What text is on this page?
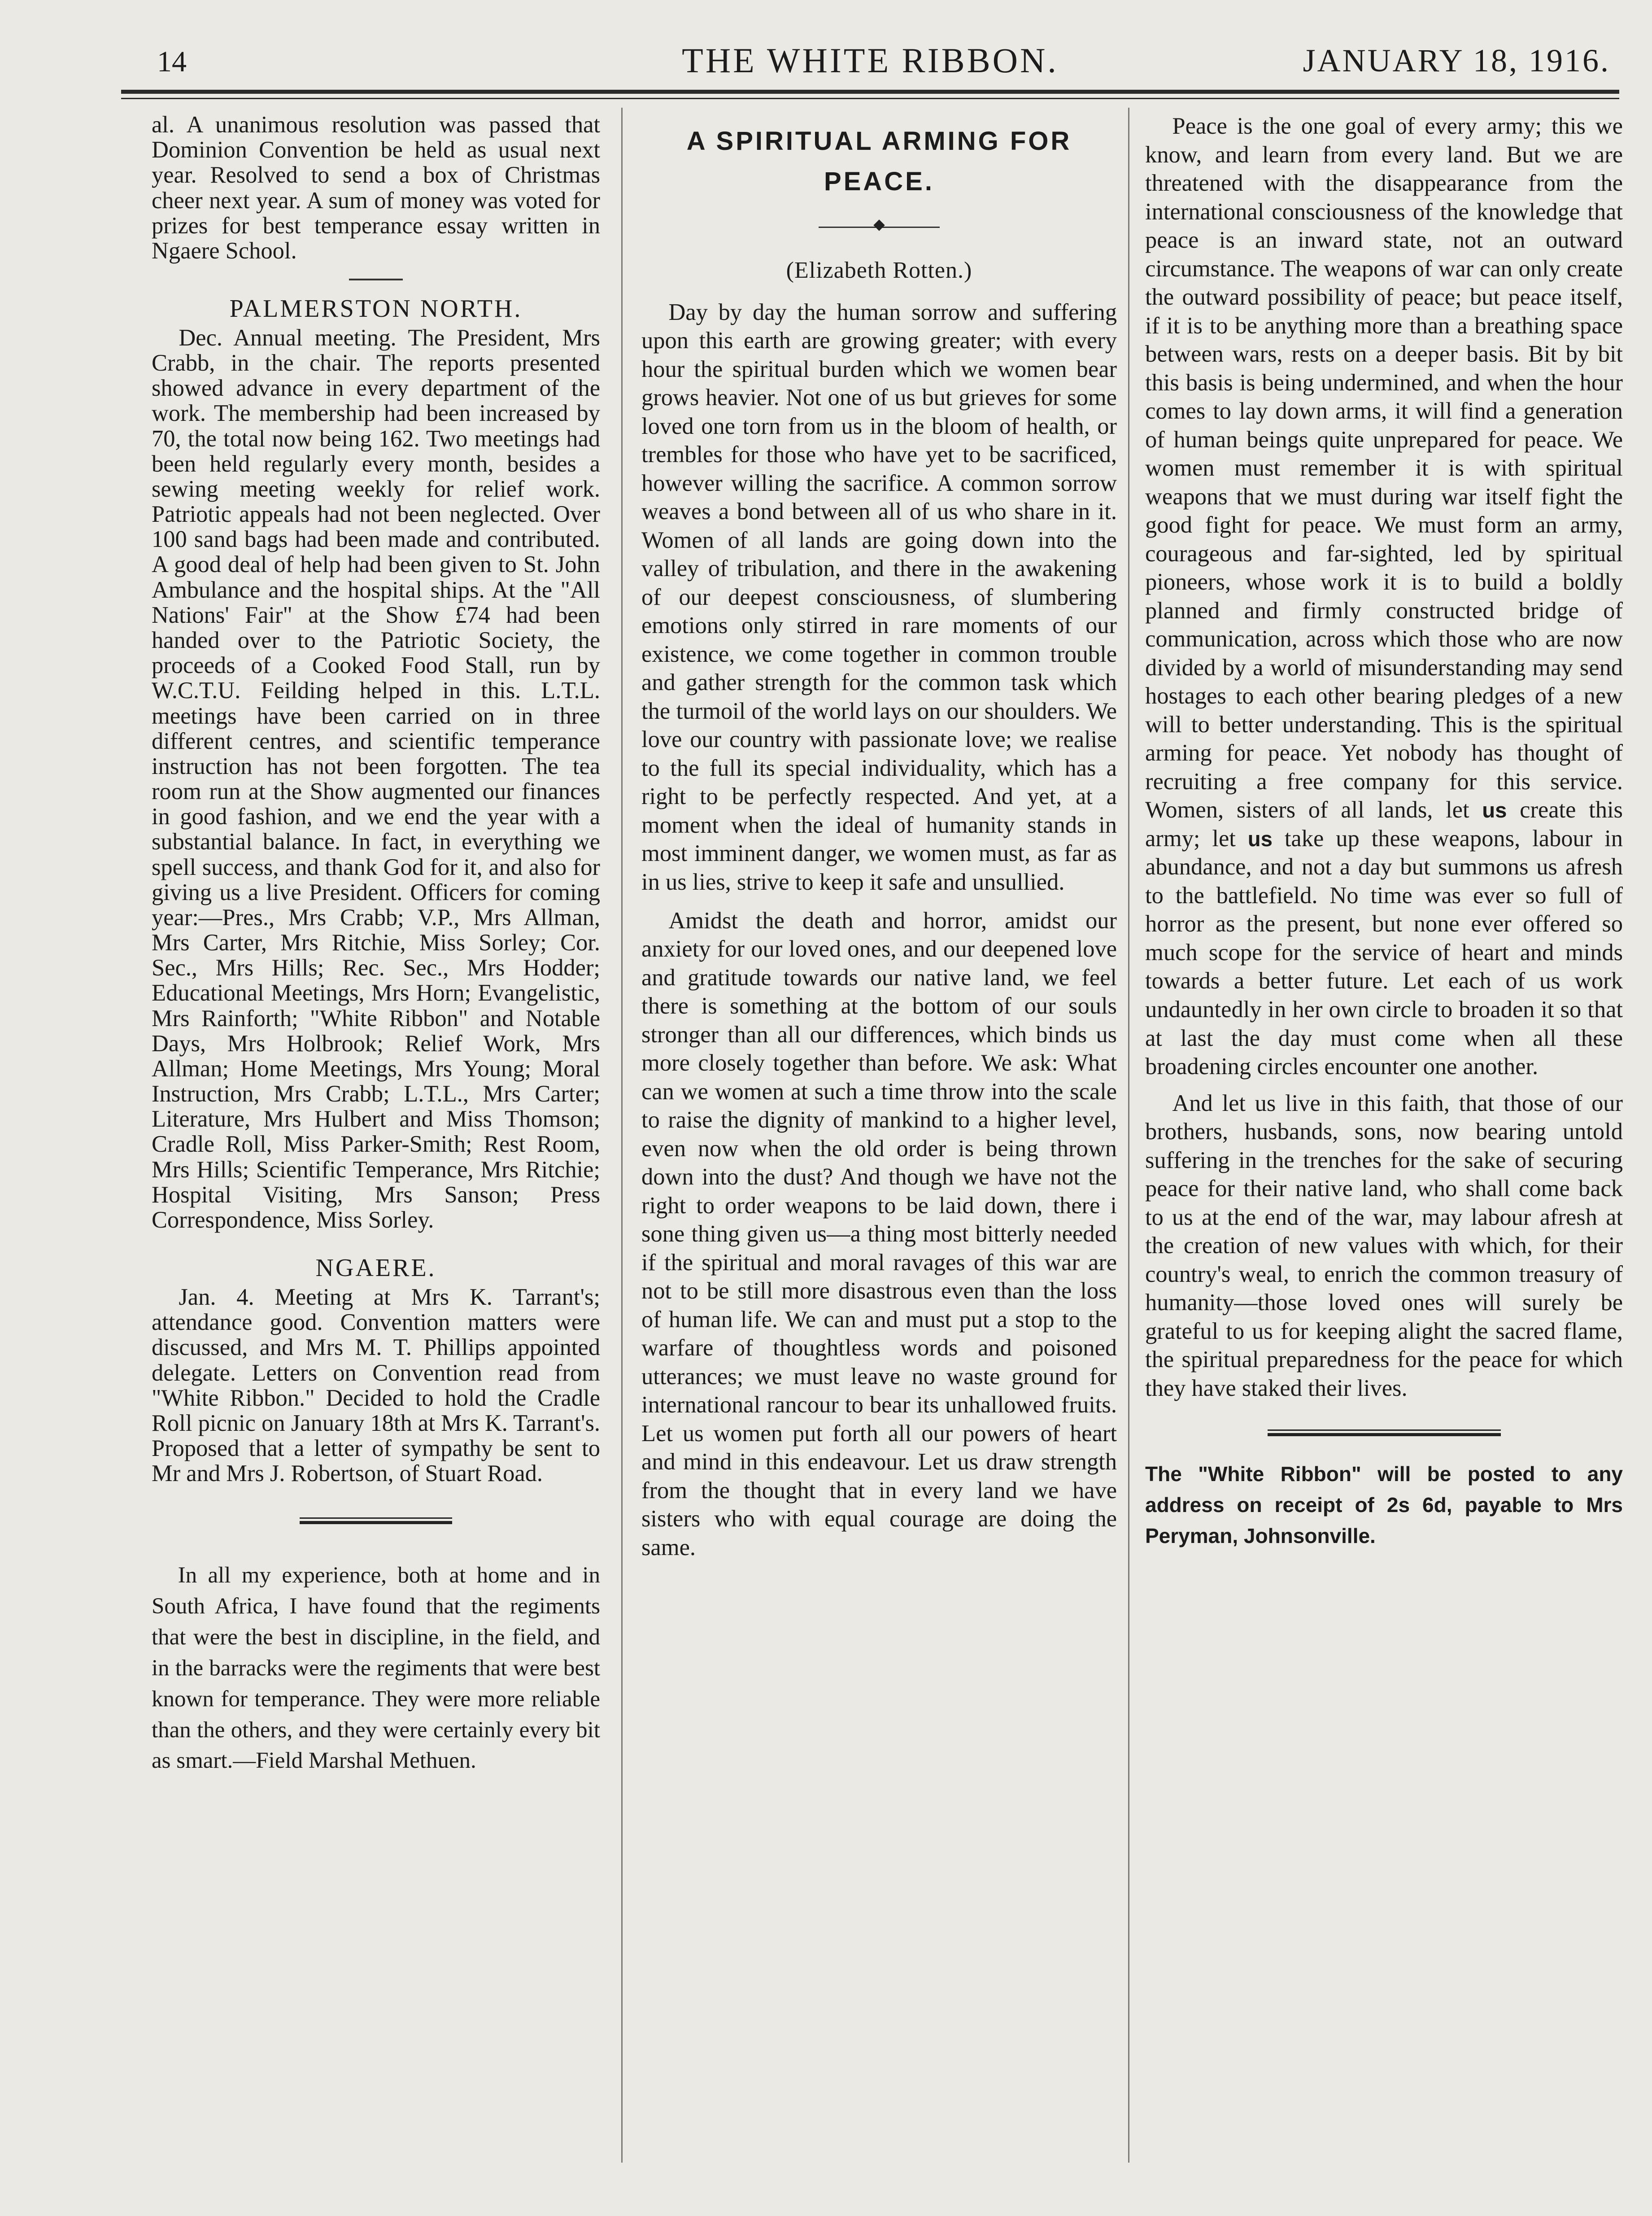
14	THE WHITE RIBBON.	JANUARY 18, 1916.

al. A unanimous resolution was passed that Dominion Convention be held as usual next year. Resolved to send a box of Christmas cheer next year. A sum of money was voted for prizes for best temperance essay written in Ngaere School.

PALMERSTON NORTH.

Dec. Annual meeting. The President, Mrs Crabb, in the chair. The reports presented showed advance in every department of the work. The membership had been increased by 70, the total now being 162. Two meetings had been held regularly every month, besides a sewing meeting weekly for relief work. Patriotic appeals had not been neglected. Over 100 sand bags had been made and contributed. A good deal of help had been given to St. John Ambulance and the hospital ships. At the "All Nations' Fair" at the Show £74 had been handed over to the Patriotic Society, the proceeds of a Cooked Food Stall, run by W.C.T.U. Feilding helped in this. L.T.L. meetings have been carried on in three different centres, and scientific temperance instruction has not been forgotten. The tea room run at the Show augmented our finances in good fashion, and we end the year with a substantial balance. In fact, in everything we spell success, and thank God for it, and also for giving us a live President. Officers for coming year:—Pres., Mrs Crabb; V.P., Mrs Allman, Mrs Carter, Mrs Ritchie, Miss Sorley; Cor. Sec., Mrs Hills; Rec. Sec., Mrs Hodder; Educational Meetings, Mrs Horn; Evangelistic, Mrs Rainforth; "White Ribbon" and Notable Days, Mrs Holbrook; Relief Work, Mrs Allman; Home Meetings, Mrs Young; Moral Instruction, Mrs Crabb; L.T.L., Mrs Carter; Literature, Mrs Hulbert and Miss Thomson; Cradle Roll, Miss Parker-Smith; Rest Room, Mrs Hills; Scientific Temperance, Mrs Ritchie; Hospital Visiting, Mrs Sanson; Press Correspondence, Miss Sorley.

NGAERE.

Jan. 4. Meeting at Mrs K. Tarrant's; attendance good. Convention matters were discussed, and Mrs M. T. Phillips appointed delegate. Letters on Convention read from "White Ribbon." Decided to hold the Cradle Roll picnic on January 18th at Mrs K. Tarrant's. Proposed that a letter of sympathy be sent to Mr and Mrs J. Robertson, of Stuart Road.

In all my experience, both at home and in South Africa, I have found that the regiments that were the best in discipline, in the field, and in the barracks were the regiments that were best known for temperance. They were more reliable than the others, and they were certainly every bit as smart.—Field Marshal Methuen.

A SPIRITUAL ARMING FOR
PEACE.
(Elizabeth Rotten.)

Day by day the human sorrow and suffering upon this earth are growing greater; with every hour the spiritual burden which we women bear grows heavier. Not one of us but grieves for some loved one torn from us in the bloom of health, or trembles for those who have yet to be sacrificed, however willing the sacrifice. A common sorrow weaves a bond between all of us who share in it. Women of all lands are going down into the valley of tribulation, and there in the awakening of our deepest consciousness, of slumbering emotions only stirred in rare moments of our existence, we come together in common trouble and gather strength for the common task which the turmoil of the world lays on our shoulders. We love our country with passionate love; we realise to the full its special individuality, which has a right to be perfectly respected. And yet, at a moment when the ideal of humanity stands in most imminent danger, we women must, as far as in us lies, strive to keep it safe and unsullied.

Amidst the death and horror, amidst our anxiety for our loved ones, and our deepened love and gratitude towards our native land, we feel there is something at the bottom of our souls stronger than all our differences, which binds us more closely together than before. We ask: What can we women at such a time throw into the scale to raise the dignity of mankind to a higher level, even now when the old order is being thrown down into the dust? And though we have not the right to order weapons to be laid down, there i sone thing given us—a thing most bitterly needed if the spiritual and moral ravages of this war are not to be still more disastrous even than the loss of human life. We can and must put a stop to the warfare of thoughtless words and poisoned utterances; we must leave no waste ground for international rancour to bear its unhallowed fruits. Let us women put forth all our powers of heart and mind in this endeavour. Let us draw strength from the thought that in every land we have sisters who with equal courage are doing the same.

Peace is the one goal of every army; this we know, and learn from every land. But we are threatened with the disappearance from the international consciousness of the knowledge that peace is an inward state, not an outward circumstance. The weapons of war can only create the outward possibility of peace; but peace itself, if it is to be anything more than a breathing space between wars, rests on a deeper basis. Bit by bit this basis is being undermined, and when the hour comes to lay down arms, it will find a generation of human beings quite unprepared for peace. We women must remember it is with spiritual weapons that we must during war itself fight the good fight for peace. We must form an army, courageous and far-sighted, led by spiritual pioneers, whose work it is to build a boldly planned and firmly constructed bridge of communication, across which those who are now divided by a world of misunderstanding may send hostages to each other bearing pledges of a new will to better understanding. This is the spiritual arming for peace. Yet nobody has thought of recruiting a free company for this service. Women, sisters of all lands, let us create this army; let us take up these weapons, labour in abundance, and not a day but summons us afresh to the battlefield. No time was ever so full of horror as the present, but none ever offered so much scope for the service of heart and minds towards a better future. Let each of us work undauntedly in her own circle to broaden it so that at last the day must come when all these broadening circles encounter one another.

And let us live in this faith, that those of our brothers, husbands, sons, now bearing untold suffering in the trenches for the sake of securing peace for their native land, who shall come back to us at the end of the war, may labour afresh at the creation of new values with which, for their country's weal, to enrich the common treasury of humanity—those loved ones will surely be grateful to us for keeping alight the sacred flame, the spiritual preparedness for the peace for which they have staked their lives.

The "White Ribbon" will be posted to any address on receipt of 2s 6d, payable to Mrs Peryman, Johnsonville.
